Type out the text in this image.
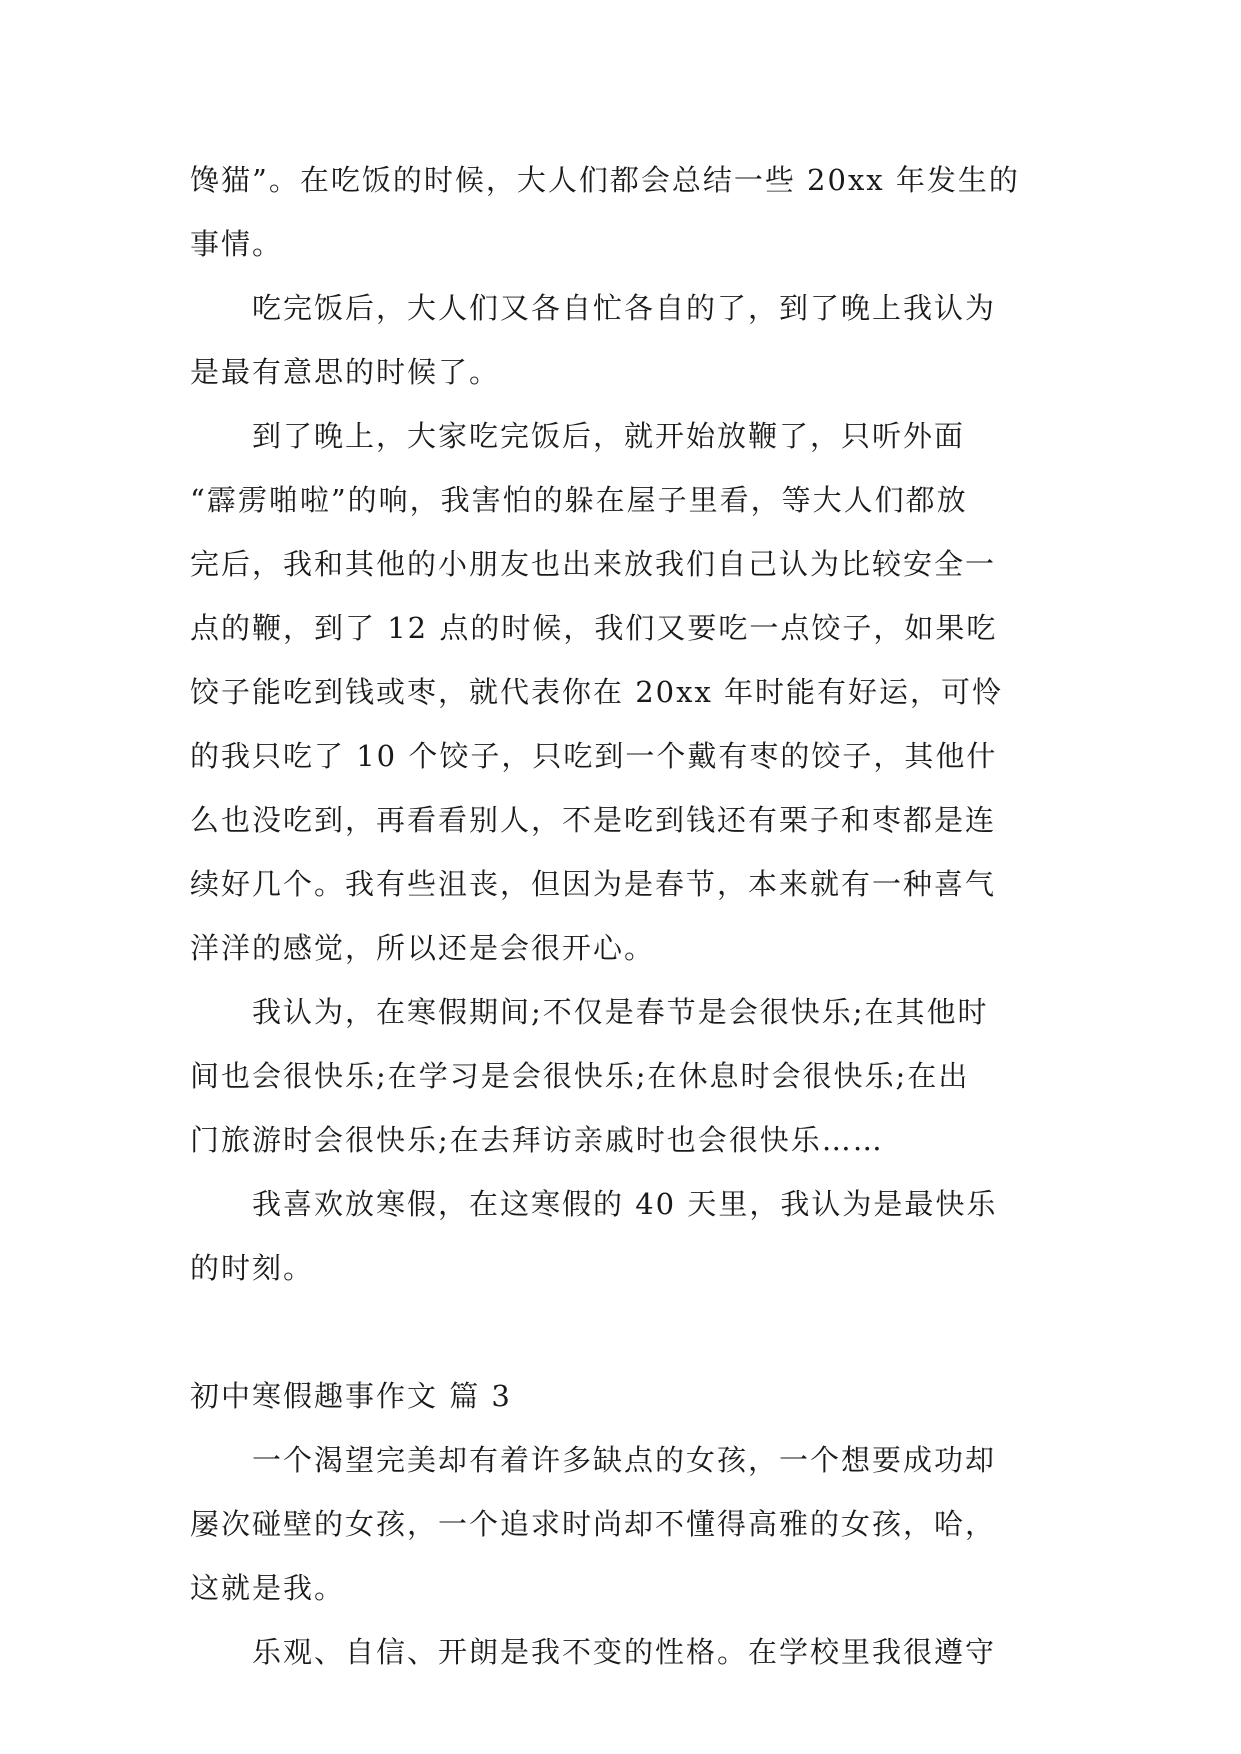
馋猫”。在吃饭的时候，大人们都会总结一些 20xx 年发生的
事情。
吃完饭后，大人们又各自忙各自的了，到了晚上我认为
是最有意思的时候了。
到了晚上，大家吃完饭后，就开始放鞭了，只听外面
“霹雳啪啦”的响，我害怕的躲在屋子里看，等大人们都放
完后，我和其他的小朋友也出来放我们自己认为比较安全一
点的鞭，到了 12 点的时候，我们又要吃一点饺子，如果吃
饺子能吃到钱或枣，就代表你在 20xx 年时能有好运，可怜
的我只吃了 10 个饺子，只吃到一个戴有枣的饺子，其他什
么也没吃到，再看看别人，不是吃到钱还有栗子和枣都是连
续好几个。我有些沮丧，但因为是春节，本来就有一种喜气
洋洋的感觉，所以还是会很开心。
我认为，在寒假期间;不仅是春节是会很快乐;在其他时
间也会很快乐;在学习是会很快乐;在休息时会很快乐;在出
门旅游时会很快乐;在去拜访亲戚时也会很快乐……
我喜欢放寒假，在这寒假的 40 天里，我认为是最快乐
的时刻。
初中寒假趣事作文 篇 3
一个渴望完美却有着许多缺点的女孩，一个想要成功却
屡次碰壁的女孩，一个追求时尚却不懂得高雅的女孩，哈，
这就是我。
乐观、自信、开朗是我不变的性格。在学校里我很遵守
